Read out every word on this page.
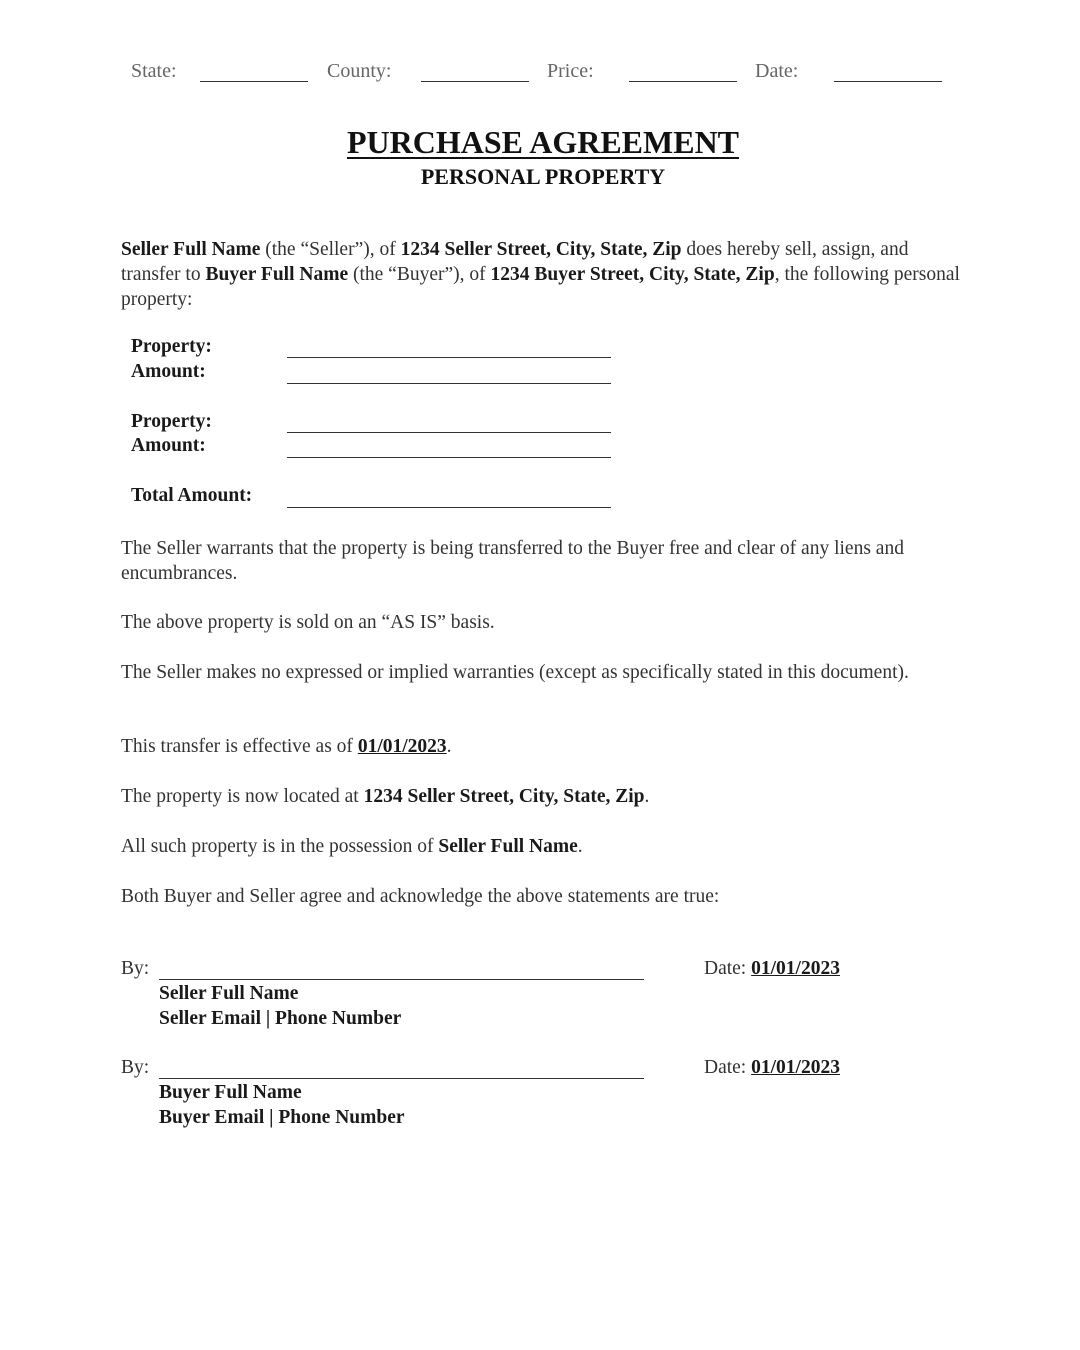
State:	County:	Price:	Date:
PURCHASE AGREEMENT
PERSONAL PROPERTY
Seller Full Name (the “Seller”), of 1234 Seller Street, City, State, Zip does hereby sell, assign, and transfer to Buyer Full Name (the “Buyer”), of 1234 Buyer Street, City, State, Zip, the following personal property:
Property:
Amount:
Property:
Amount:
Total Amount:
The Seller warrants that the property is being transferred to the Buyer free and clear of any liens and encumbrances.
The above property is sold on an “AS IS” basis.
The Seller makes no expressed or implied warranties (except as specifically stated in this document).
This transfer is effective as of 01/01/2023.
The property is now located at 1234 Seller Street, City, State, Zip.
All such property is in the possession of Seller Full Name.
Both Buyer and Seller agree and acknowledge the above statements are true:
By:
Seller Full Name
Seller Email | Phone Number
Date: 01/01/2023
By:
Buyer Full Name
Buyer Email | Phone Number
Date: 01/01/2023
